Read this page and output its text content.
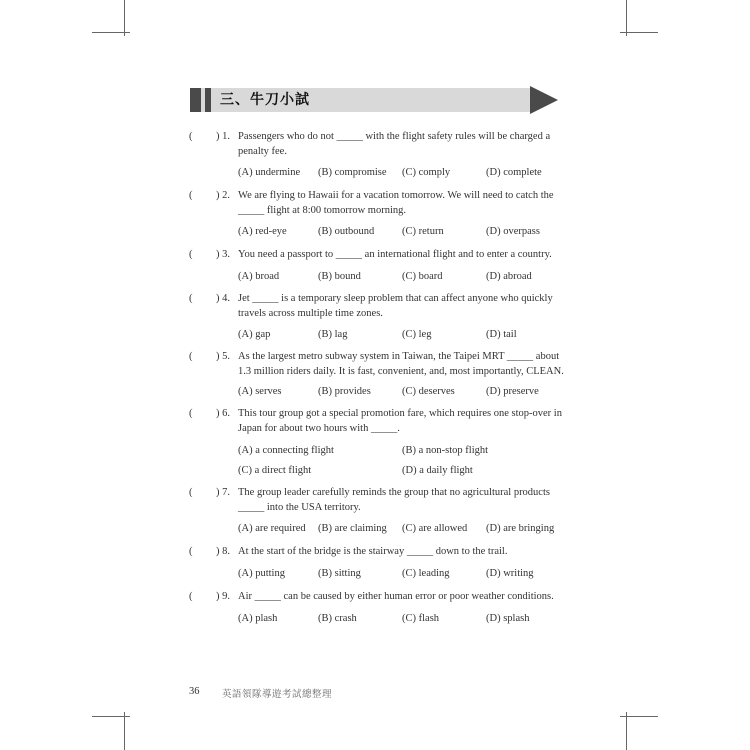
三、牛刀小試
( ) 1. Passengers who do not _____ with the flight safety rules will be charged a penalty fee.
(A) undermine (B) compromise (C) comply	(D) complete
( ) 2. We are flying to Hawaii for a vacation tomorrow. We will need to catch the _____ flight at 8:00 tomorrow morning.
(A) red-eye	(B) outbound	(C) return	(D) overpass
( ) 3. You need a passport to _____ an international flight and to enter a country.
(A) broad	(B) bound	(C) board	(D) abroad
( ) 4. Jet _____ is a temporary sleep problem that can affect anyone who quickly travels across multiple time zones.
(A) gap	(B) lag	(C) leg	(D) tail
( ) 5. As the largest metro subway system in Taiwan, the Taipei MRT _____ about 1.3 million riders daily. It is fast, convenient, and, most importantly, CLEAN.
(A) serves	(B) provides	(C) deserves	(D) preserve
( ) 6. This tour group got a special promotion fare, which requires one stop-over in Japan for about two hours with _____.
(A) a connecting flight	(B) a non-stop flight
(C) a direct flight	(D) a daily flight
( ) 7. The group leader carefully reminds the group that no agricultural products _____ into the USA territory.
(A) are required (B) are claiming (C) are allowed (D) are bringing
( ) 8. At the start of the bridge is the stairway _____ down to the trail.
(A) putting	(B) sitting	(C) leading	(D) writing
( ) 9. Air _____ can be caused by either human error or poor weather conditions.
(A) plash	(B) crash	(C) flash	(D) splash
36 英語領隊導遊考試總整理
